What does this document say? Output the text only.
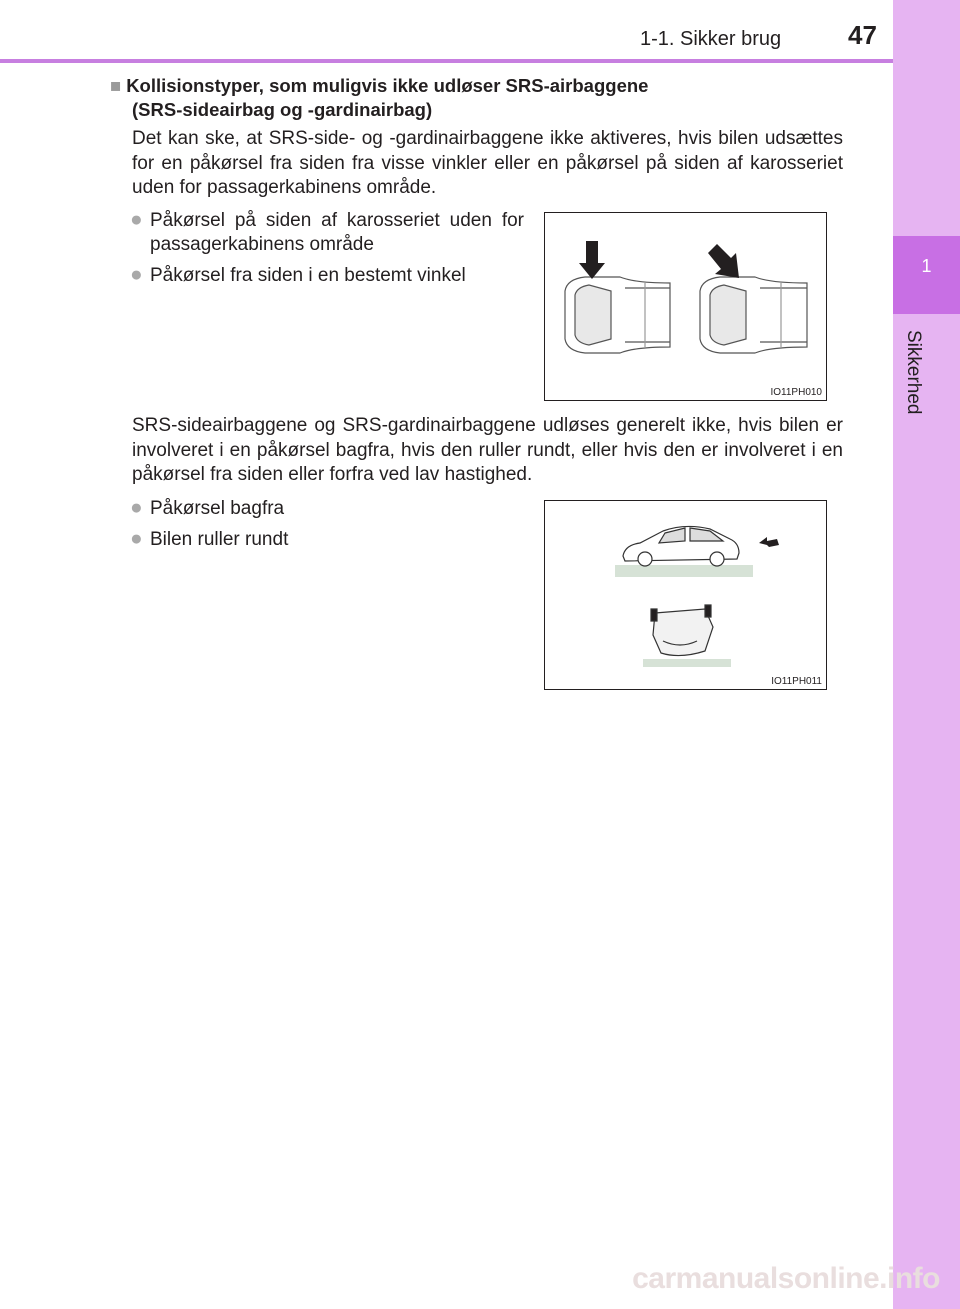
1-1. Sikker brug	47
1
Sikkerhed
■ Kollisionstyper, som muligvis ikke udløser SRS-airbaggene
(SRS-sideairbag og -gardinairbag)
Det kan ske, at SRS-side- og -gardinairbaggene ikke aktiveres, hvis bilen udsættes for en påkørsel fra siden fra visse vinkler eller en påkørsel på siden af karosseriet uden for passagerkabinens område.
● Påkørsel på siden af karosseriet uden for passagerkabinens område
● Påkørsel fra siden i en bestemt vinkel
IO11PH010
SRS-sideairbaggene og SRS-gardinairbaggene udløses generelt ikke, hvis bilen er involveret i en påkørsel bagfra, hvis den ruller rundt, eller hvis den er involveret i en påkørsel fra siden eller forfra ved lav hastighed.
● Påkørsel bagfra
● Bilen ruller rundt
IO11PH011
carmanualsonline.info
